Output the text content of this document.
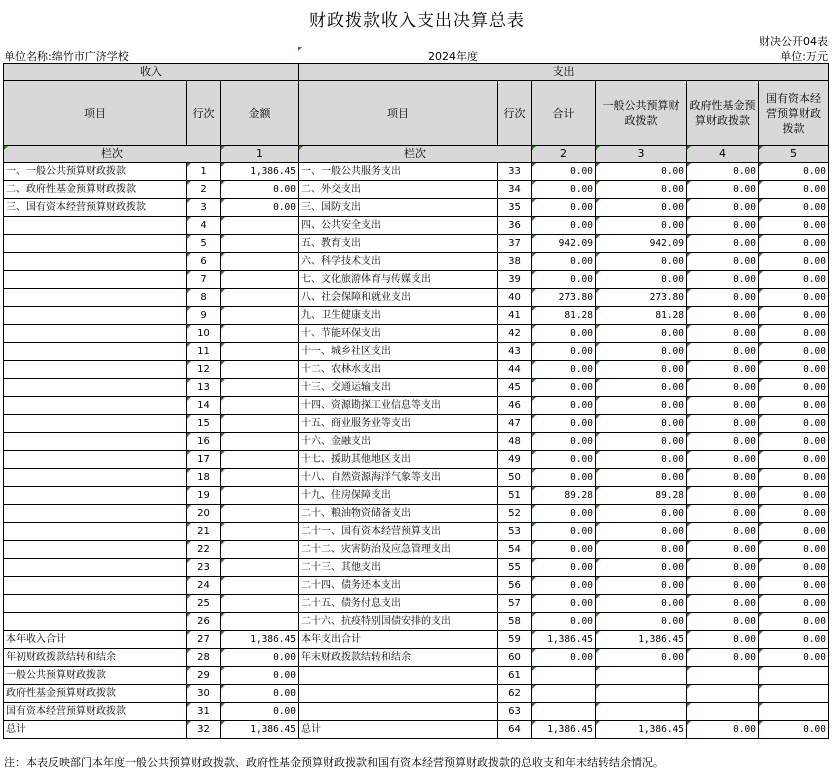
财政拨款收入支出决算总表
财决公开04表
单位名称:绵竹市广济学校	2024年度	单位:万元
收入			支出					
项目	行次	金额	项目	行次	合计	一般公共预算财政拨款	政府性基金预算财政拨款	国有资本经营预算财政拨款
栏次		1	栏次		2	3	4	5
一、一般公共预算财政拨款	1	1,386.45	一、一般公共服务支出	33	0.00	0.00	0.00	0.00
二、政府性基金预算财政拨款	2	0.00	二、外交支出	34	0.00	0.00	0.00	0.00
三、国有资本经营预算财政拨款	3	0.00	三、国防支出	35	0.00	0.00	0.00	0.00
	4		四、公共安全支出	36	0.00	0.00	0.00	0.00
	5		五、教育支出	37	942.09	942.09	0.00	0.00
	6		六、科学技术支出	38	0.00	0.00	0.00	0.00
	7		七、文化旅游体育与传媒支出	39	0.00	0.00	0.00	0.00
	8		八、社会保障和就业支出	40	273.80	273.80	0.00	0.00
	9		九、卫生健康支出	41	81.28	81.28	0.00	0.00
	10		十、节能环保支出	42	0.00	0.00	0.00	0.00
	11		十一、城乡社区支出	43	0.00	0.00	0.00	0.00
	12		十二、农林水支出	44	0.00	0.00	0.00	0.00
	13		十三、交通运输支出	45	0.00	0.00	0.00	0.00
	14		十四、资源勘探工业信息等支出	46	0.00	0.00	0.00	0.00
	15		十五、商业服务业等支出	47	0.00	0.00	0.00	0.00
	16		十六、金融支出	48	0.00	0.00	0.00	0.00
	17		十七、援助其他地区支出	49	0.00	0.00	0.00	0.00
	18		十八、自然资源海洋气象等支出	50	0.00	0.00	0.00	0.00
	19		十九、住房保障支出	51	89.28	89.28	0.00	0.00
	20		二十、粮油物资储备支出	52	0.00	0.00	0.00	0.00
	21		二十一、国有资本经营预算支出	53	0.00	0.00	0.00	0.00
	22		二十二、灾害防治及应急管理支出	54	0.00	0.00	0.00	0.00
	23		二十三、其他支出	55	0.00	0.00	0.00	0.00
	24		二十四、债务还本支出	56	0.00	0.00	0.00	0.00
	25		二十五、债务付息支出	57	0.00	0.00	0.00	0.00
	26		二十六、抗疫特别国债安排的支出	58	0.00	0.00	0.00	0.00
本年收入合计	27	1,386.45	本年支出合计	59	1,386.45	1,386.45	0.00	0.00
年初财政拨款结转和结余	28	0.00	年末财政拨款结转和结余	60	0.00	0.00	0.00	0.00
一般公共预算财政拨款	29	0.00		61				
政府性基金预算财政拨款	30	0.00		62				
国有资本经营预算财政拨款	31	0.00		63				
总计	32	1,386.45	总计	64	1,386.45	1,386.45	0.00	0.00
注：本表反映部门本年度一般公共预算财政拨款、政府性基金预算财政拨款和国有资本经营预算财政拨款的总收支和年末结转结余情况。
